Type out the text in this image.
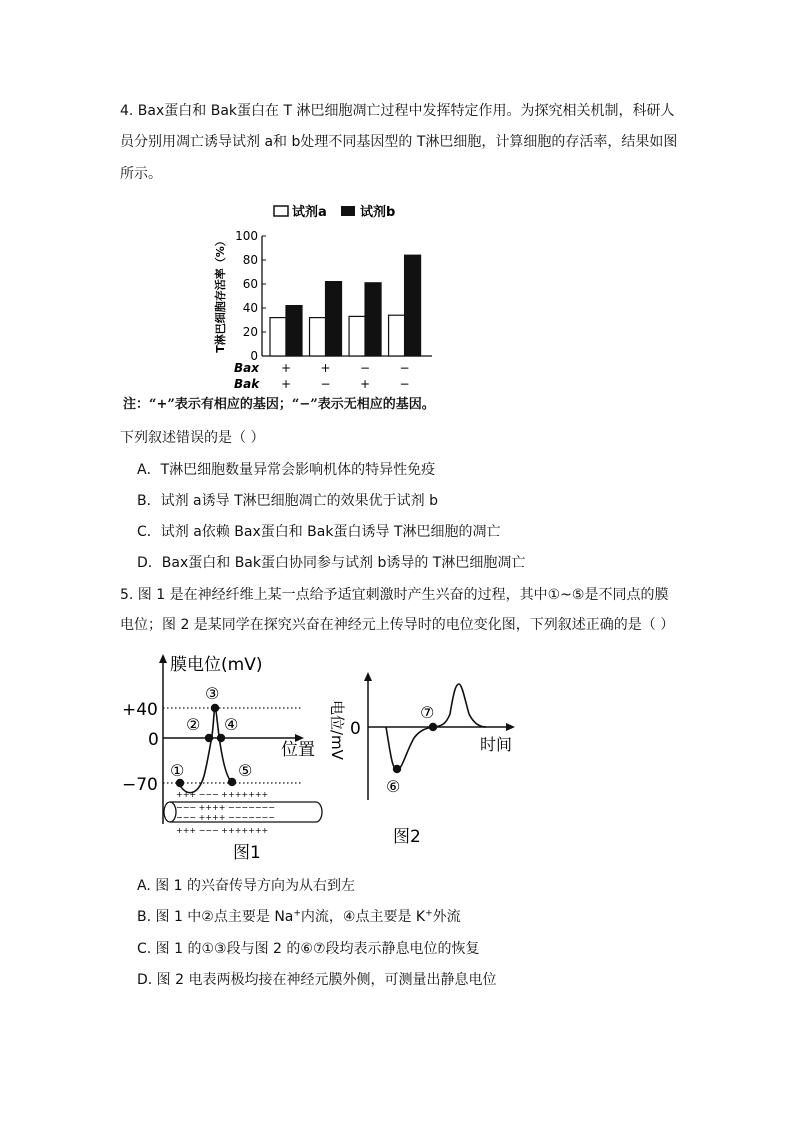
4. Bax蛋白和 Bak蛋白在 T 淋巴细胞凋亡过程中发挥特定作用。为探究相关机制，科研人
员分别用凋亡诱导试剂 a和 b处理不同基因型的 T淋巴细胞，计算细胞的存活率，结果如图
所示。
试剂a	试剂b
T淋巴细胞存活率（%）
0
20
40
60
80
100
Bax + + − −
Bak + − + −
注：“+”表示有相应的基因；“−”表示无相应的基因。
下列叙述错误的是（ ）
A．T淋巴细胞数量异常会影响机体的特异性免疫
B．试剂 a诱导 T淋巴细胞凋亡的效果优于试剂 b
C．试剂 a依赖 Bax蛋白和 Bak蛋白诱导 T淋巴细胞的凋亡
D．Bax蛋白和 Bak蛋白协同参与试剂 b诱导的 T淋巴细胞凋亡
5. 图 1 是在神经纤维上某一点给予适宜刺激时产生兴奋的过程，其中①~⑤是不同点的膜
电位；图 2 是某同学在探究兴奋在神经元上传导时的电位变化图，下列叙述正确的是（ ）
膜电位(mV)
+40
0
−70
位置
①
②
③
④
⑤
+++ −−− +++++++
−−− ++++ −−−−−−−
−−− ++++ −−−−−−−
+++ −−− +++++++
图1
电位/mV 0
时间
⑥
⑦
图2
A. 图 1 的兴奋传导方向为从右到左
B. 图 1 中②点主要是 Na+内流，④点主要是 K+外流
C. 图 1 的①③段与图 2 的⑥⑦段均表示静息电位的恢复
D. 图 2 电表两极均接在神经元膜外侧，可测量出静息电位
